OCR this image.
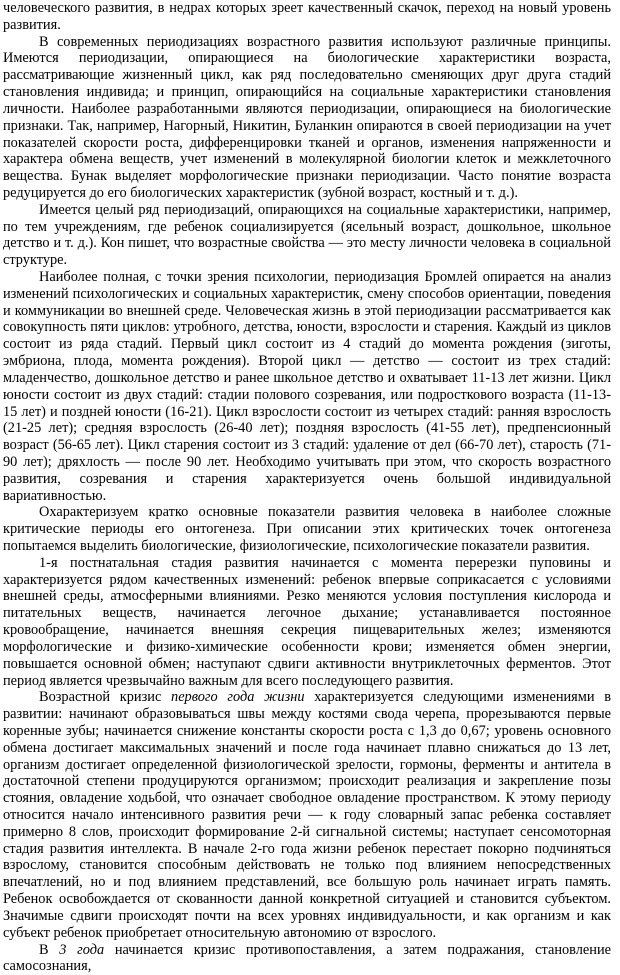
человеческого развития, в недрах которых зреет качественный скачок, переход на новый уровень развития.

В современных периодизациях возрастного развития используют различные принципы. Имеются периодизации, опирающиеся на биологические характеристики возраста, рассматривающие жизненный цикл, как ряд последовательно сменяющих друг друга стадий становления индивида; и принцип, опирающийся на социальные характеристики становления личности. Наиболее разработанными являются периодизации, опирающиеся на биологические признаки. Так, например, Нагорный, Никитин, Буланкин опираются в своей периодизации на учет показателей скорости роста, дифференцировки тканей и органов, изменения напряженности и характера обмена веществ, учет изменений в молекулярной биологии клеток и межклеточного вещества. Бунак выделяет морфологические признаки периодизации. Часто понятие возраста редуцируется до его биологических характеристик (зубной возраст, костный и т. д.).

Имеется целый ряд периодизаций, опирающихся на социальные характеристики, например, по тем учреждениям, где ребенок социализируется (ясельный возраст, дошкольное, школьное детство и т. д.). Кон пишет, что возрастные свойства — это месту личности человека в социальной структуре.

Наиболее полная, с точки зрения психологии, периодизация Бромлей опирается на анализ изменений психологических и социальных характеристик, смену способов ориентации, поведения и коммуникации во внешней среде. Человеческая жизнь в этой периодизации рассматривается как совокупность пяти циклов: утробного, детства, юности, взрослости и старения. Каждый из циклов состоит из ряда стадий. Первый цикл состоит из 4 стадий до момента рождения (зиготы, эмбриона, плода, момента рождения). Второй цикл — детство — состоит из трех стадий: младенчество, дошкольное детство и ранее школьное детство и охватывает 11-13 лет жизни. Цикл юности состоит из двух стадий: стадии полового созревания, или подросткового возраста (11-13-15 лет) и поздней юности (16-21). Цикл взрослости состоит из четырех стадий: ранняя взрослость (21-25 лет); средняя взрослость (26-40 лет); поздняя взрослость (41-55 лет), предпенсионный возраст (56-65 лет). Цикл старения состоит из 3 стадий: удаление от дел (66-70 лет), старость (71-90 лет); дряхлость — после 90 лет. Необходимо учитывать при этом, что скорость возрастного развития, созревания и старения характеризуется очень большой индивидуальной вариативностью.

Охарактеризуем кратко основные показатели развития человека в наиболее сложные критические периоды его онтогенеза. При описании этих критических точек онтогенеза попытаемся выделить биологические, физиологические, психологические показатели развития.

1-я постнатальная стадия развития начинается с момента перерезки пуповины и характеризуется рядом качественных изменений: ребенок впервые соприкасается с условиями внешней среды, атмосферными влияниями. Резко меняются условия поступления кислорода и питательных веществ, начинается легочное дыхание; устанавливается постоянное кровообращение, начинается внешняя секреция пищеварительных желез; изменяются морфологические и физико-химические особенности крови; изменяется обмен энергии, повышается основной обмен; наступают сдвиги активности внутриклеточных ферментов. Этот период является чрезвычайно важным для всего последующего развития.

Возрастной кризис первого года жизни характеризуется следующими изменениями в развитии: начинают образовываться швы между костями свода черепа, прорезываются первые коренные зубы; начинается снижение константы скорости роста с 1,3 до 0,67; уровень основного обмена достигает максимальных значений и после года начинает плавно снижаться до 13 лет, организм достигает определенной физиологической зрелости, гормоны, ферменты и антитела в достаточной степени продуцируются организмом; происходит реализация и закрепление позы стояния, овладение ходьбой, что означает свободное овладение пространством. К этому периоду относится начало интенсивного развития речи — к году словарный запас ребенка составляет примерно 8 слов, происходит формирование 2-й сигнальной системы; наступает сенсомоторная стадия развития интеллекта. В начале 2-го года жизни ребенок перестает покорно подчиняться взрослому, становится способным действовать не только под влиянием непосредственных впечатлений, но и под влиянием представлений, все большую роль начинает играть память. Ребенок освобождается от скованности данной конкретной ситуацией и становится субъектом. Значимые сдвиги происходят почти на всех уровнях индивидуальности, и как организм и как субъект ребенок приобретает относительную автономию от взрослого.

В 3 года начинается кризис противопоставления, а затем подражания, становление самосознания,
